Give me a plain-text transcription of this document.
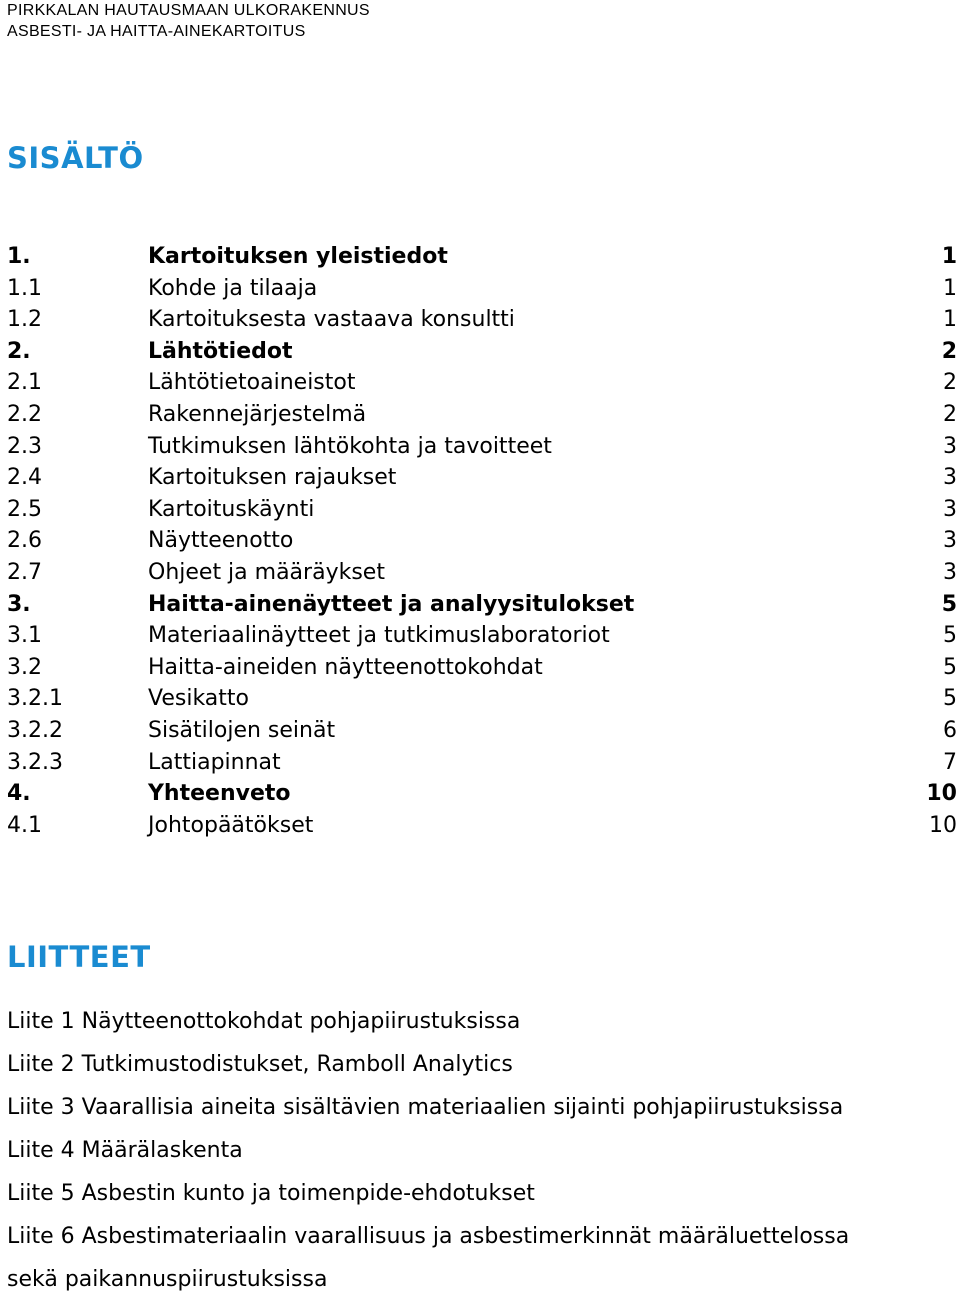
PIRKKALAN HAUTAUSMAAN ULKORAKENNUS
ASBESTI- JA HAITTA-AINEKARTOITUS
SISÄLTÖ
1.	Kartoituksen yleistiedot	1
1.1	Kohde ja tilaaja	1
1.2	Kartoituksesta vastaava konsultti	1
2.	Lähtötiedot	2
2.1	Lähtötietoaineistot	2
2.2	Rakennejärjestelmä	2
2.3	Tutkimuksen lähtökohta ja tavoitteet	3
2.4	Kartoituksen rajaukset	3
2.5	Kartoituskäynti	3
2.6	Näytteenotto	3
2.7	Ohjeet ja määräykset	3
3.	Haitta-ainenäytteet ja analyysitulokset	5
3.1	Materiaalinäytteet ja tutkimuslaboratoriot	5
3.2	Haitta-aineiden näytteenottokohdat	5
3.2.1	Vesikatto	5
3.2.2	Sisätilojen seinät	6
3.2.3	Lattiapinnat	7
4.	Yhteenveto	10
4.1	Johtopäätökset	10
LIITTEET
Liite 1 Näytteenottokohdat pohjapiirustuksissa
Liite 2 Tutkimustodistukset, Ramboll Analytics
Liite 3 Vaarallisia aineita sisältävien materiaalien sijainti pohjapiirustuksissa
Liite 4 Määrälaskenta
Liite 5 Asbestin kunto ja toimenpide-ehdotukset
Liite 6 Asbestimateriaalin vaarallisuus ja asbestimerkinnät määräluettelossa
sekä paikannuspiirustuksissa
